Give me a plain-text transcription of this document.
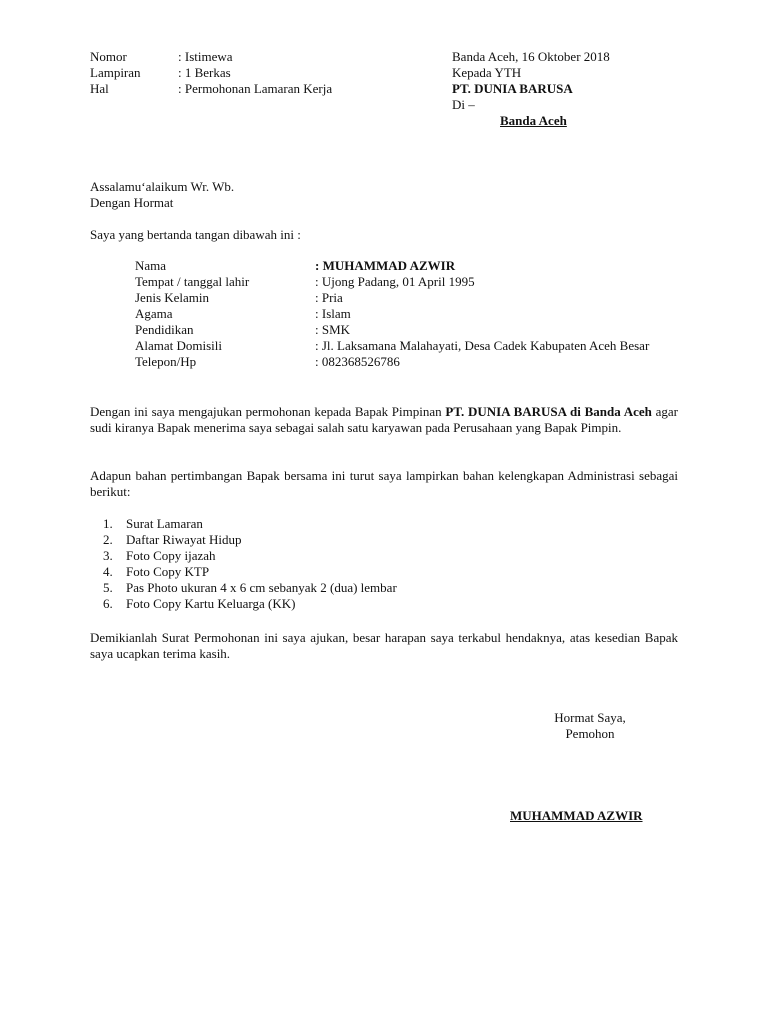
Nomor	: Istimewa
Lampiran	: 1 Berkas
Hal	: Permohonan Lamaran Kerja
Banda Aceh, 16 Oktober 2018
Kepada YTH
PT. DUNIA BARUSA
Di –
Banda Aceh
Assalamu‘alaikum Wr. Wb.
Dengan Hormat
Saya yang bertanda tangan dibawah ini :
Nama	: MUHAMMAD AZWIR
Tempat / tanggal lahir	: Ujong Padang, 01 April 1995
Jenis Kelamin	: Pria
Agama	: Islam
Pendidikan	: SMK
Alamat Domisili	: Jl. Laksamana Malahayati, Desa Cadek Kabupaten Aceh Besar
Telepon/Hp	: 082368526786
Dengan ini saya mengajukan permohonan kepada Bapak Pimpinan PT. DUNIA BARUSA di Banda Aceh agar sudi kiranya Bapak menerima saya sebagai salah satu karyawan pada Perusahaan yang Bapak Pimpin.
Adapun bahan pertimbangan Bapak bersama ini turut saya lampirkan bahan kelengkapan Administrasi sebagai berikut:
1.	Surat Lamaran
2.	Daftar Riwayat Hidup
3.	Foto Copy ijazah
4.	Foto Copy KTP
5.	Pas Photo ukuran 4 x 6 cm sebanyak 2 (dua) lembar
6.	Foto Copy Kartu Keluarga (KK)
Demikianlah Surat Permohonan ini saya ajukan, besar harapan saya terkabul hendaknya, atas kesedian Bapak saya ucapkan terima kasih.
Hormat Saya,
Pemohon
MUHAMMAD AZWIR
